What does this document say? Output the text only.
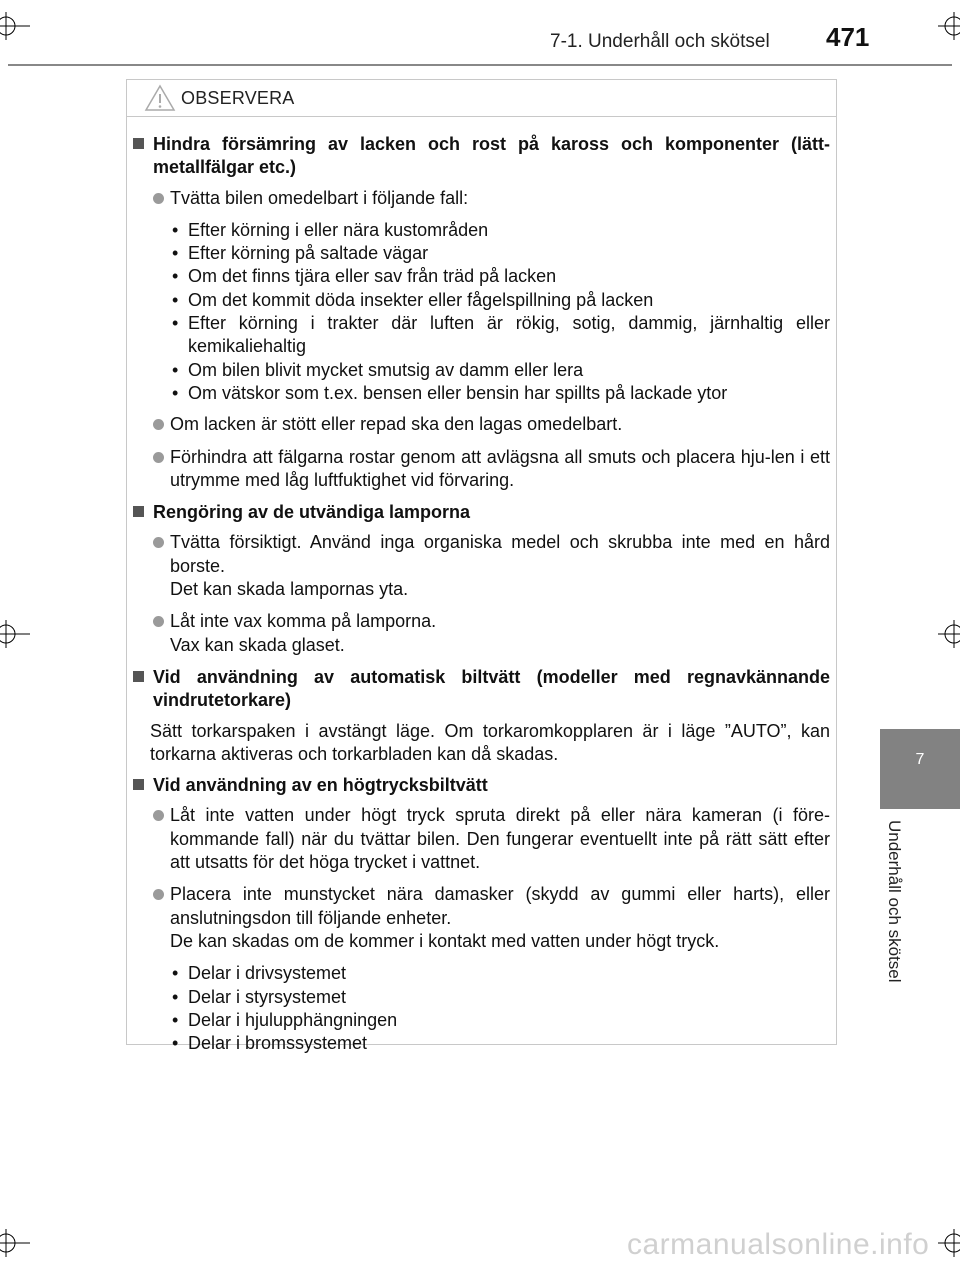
7-1. Underhåll och skötsel 471
7
Underhåll och skötsel
OBSERVERA
Hindra försämring av lacken och rost på kaross och komponenter (lätt-metallfälgar etc.)
Tvätta bilen omedelbart i följande fall:
• Efter körning i eller nära kustområden
• Efter körning på saltade vägar
• Om det finns tjära eller sav från träd på lacken
• Om det kommit döda insekter eller fågelspillning på lacken
• Efter körning i trakter där luften är rökig, sotig, dammig, järnhaltig eller kemikaliehaltig
• Om bilen blivit mycket smutsig av damm eller lera
• Om vätskor som t.ex. bensen eller bensin har spillts på lackade ytor
Om lacken är stött eller repad ska den lagas omedelbart.
Förhindra att fälgarna rostar genom att avlägsna all smuts och placera hju-len i ett utrymme med låg luftfuktighet vid förvaring.
Rengöring av de utvändiga lamporna
Tvätta försiktigt. Använd inga organiska medel och skrubba inte med en hård borste.
Det kan skada lampornas yta.
Låt inte vax komma på lamporna.
Vax kan skada glaset.
Vid användning av automatisk biltvätt (modeller med regnavkännande vindrutetorkare)
Sätt torkarspaken i avstängt läge. Om torkaromkopplaren är i läge ”AUTO”, kan torkarna aktiveras och torkarbladen kan då skadas.
Vid användning av en högtrycksbiltvätt
Låt inte vatten under högt tryck spruta direkt på eller nära kameran (i före-kommande fall) när du tvättar bilen. Den fungerar eventuellt inte på rätt sätt efter att utsatts för det höga trycket i vattnet.
Placera inte munstycket nära damasker (skydd av gummi eller harts), eller anslutningsdon till följande enheter.
De kan skadas om de kommer i kontakt med vatten under högt tryck.
• Delar i drivsystemet
• Delar i styrsystemet
• Delar i hjulupphängningen
• Delar i bromssystemet
carmanualsonline.info
